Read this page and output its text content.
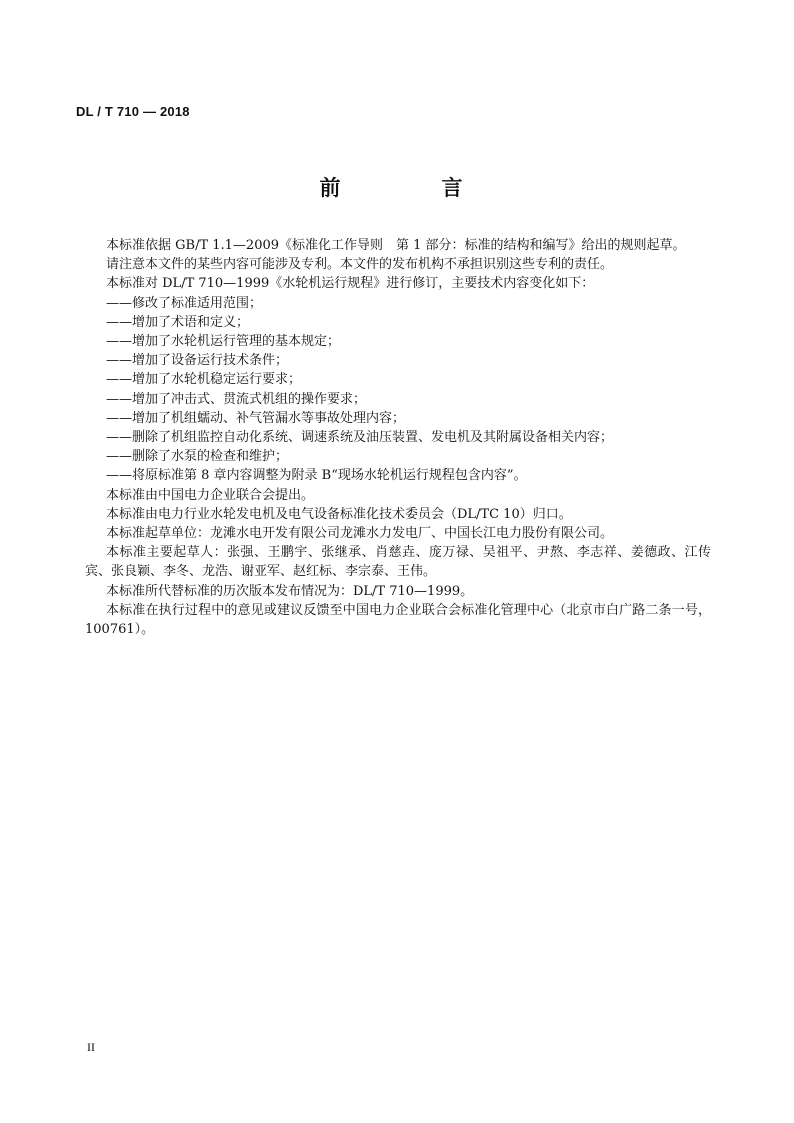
DL / T 710 — 2018
前　言

本标准依据 GB/T 1.1—2009《标准化工作导则　第 1 部分：标准的结构和编写》给出的规则起草。

请注意本文件的某些内容可能涉及专利。本文件的发布机构不承担识别这些专利的责任。

本标准对 DL/T 710—1999《水轮机运行规程》进行修订，主要技术内容变化如下：

——修改了标准适用范围；

——增加了术语和定义；

——增加了水轮机运行管理的基本规定；

——增加了设备运行技术条件；

——增加了水轮机稳定运行要求；

——增加了冲击式、贯流式机组的操作要求；

——增加了机组蠕动、补气管漏水等事故处理内容；

——删除了机组监控自动化系统、调速系统及油压装置、发电机及其附属设备相关内容；

——删除了水泵的检查和维护；

——将原标准第 8 章内容调整为附录 B“现场水轮机运行规程包含内容”。

本标准由中国电力企业联合会提出。

本标准由电力行业水轮发电机及电气设备标准化技术委员会（DL/TC 10）归口。

本标准起草单位：龙滩水电开发有限公司龙滩水力发电厂、中国长江电力股份有限公司。

本标准主要起草人：张强、王鹏宇、张继承、肖慈垚、庞万禄、吴祖平、尹熬、李志祥、姜德政、江传宾、张良颖、李冬、龙浩、谢亚军、赵红标、李宗泰、王伟。

本标准所代替标准的历次版本发布情况为：DL/T 710—1999。

本标准在执行过程中的意见或建议反馈至中国电力企业联合会标准化管理中心（北京市白广路二条一号，100761）。

II
